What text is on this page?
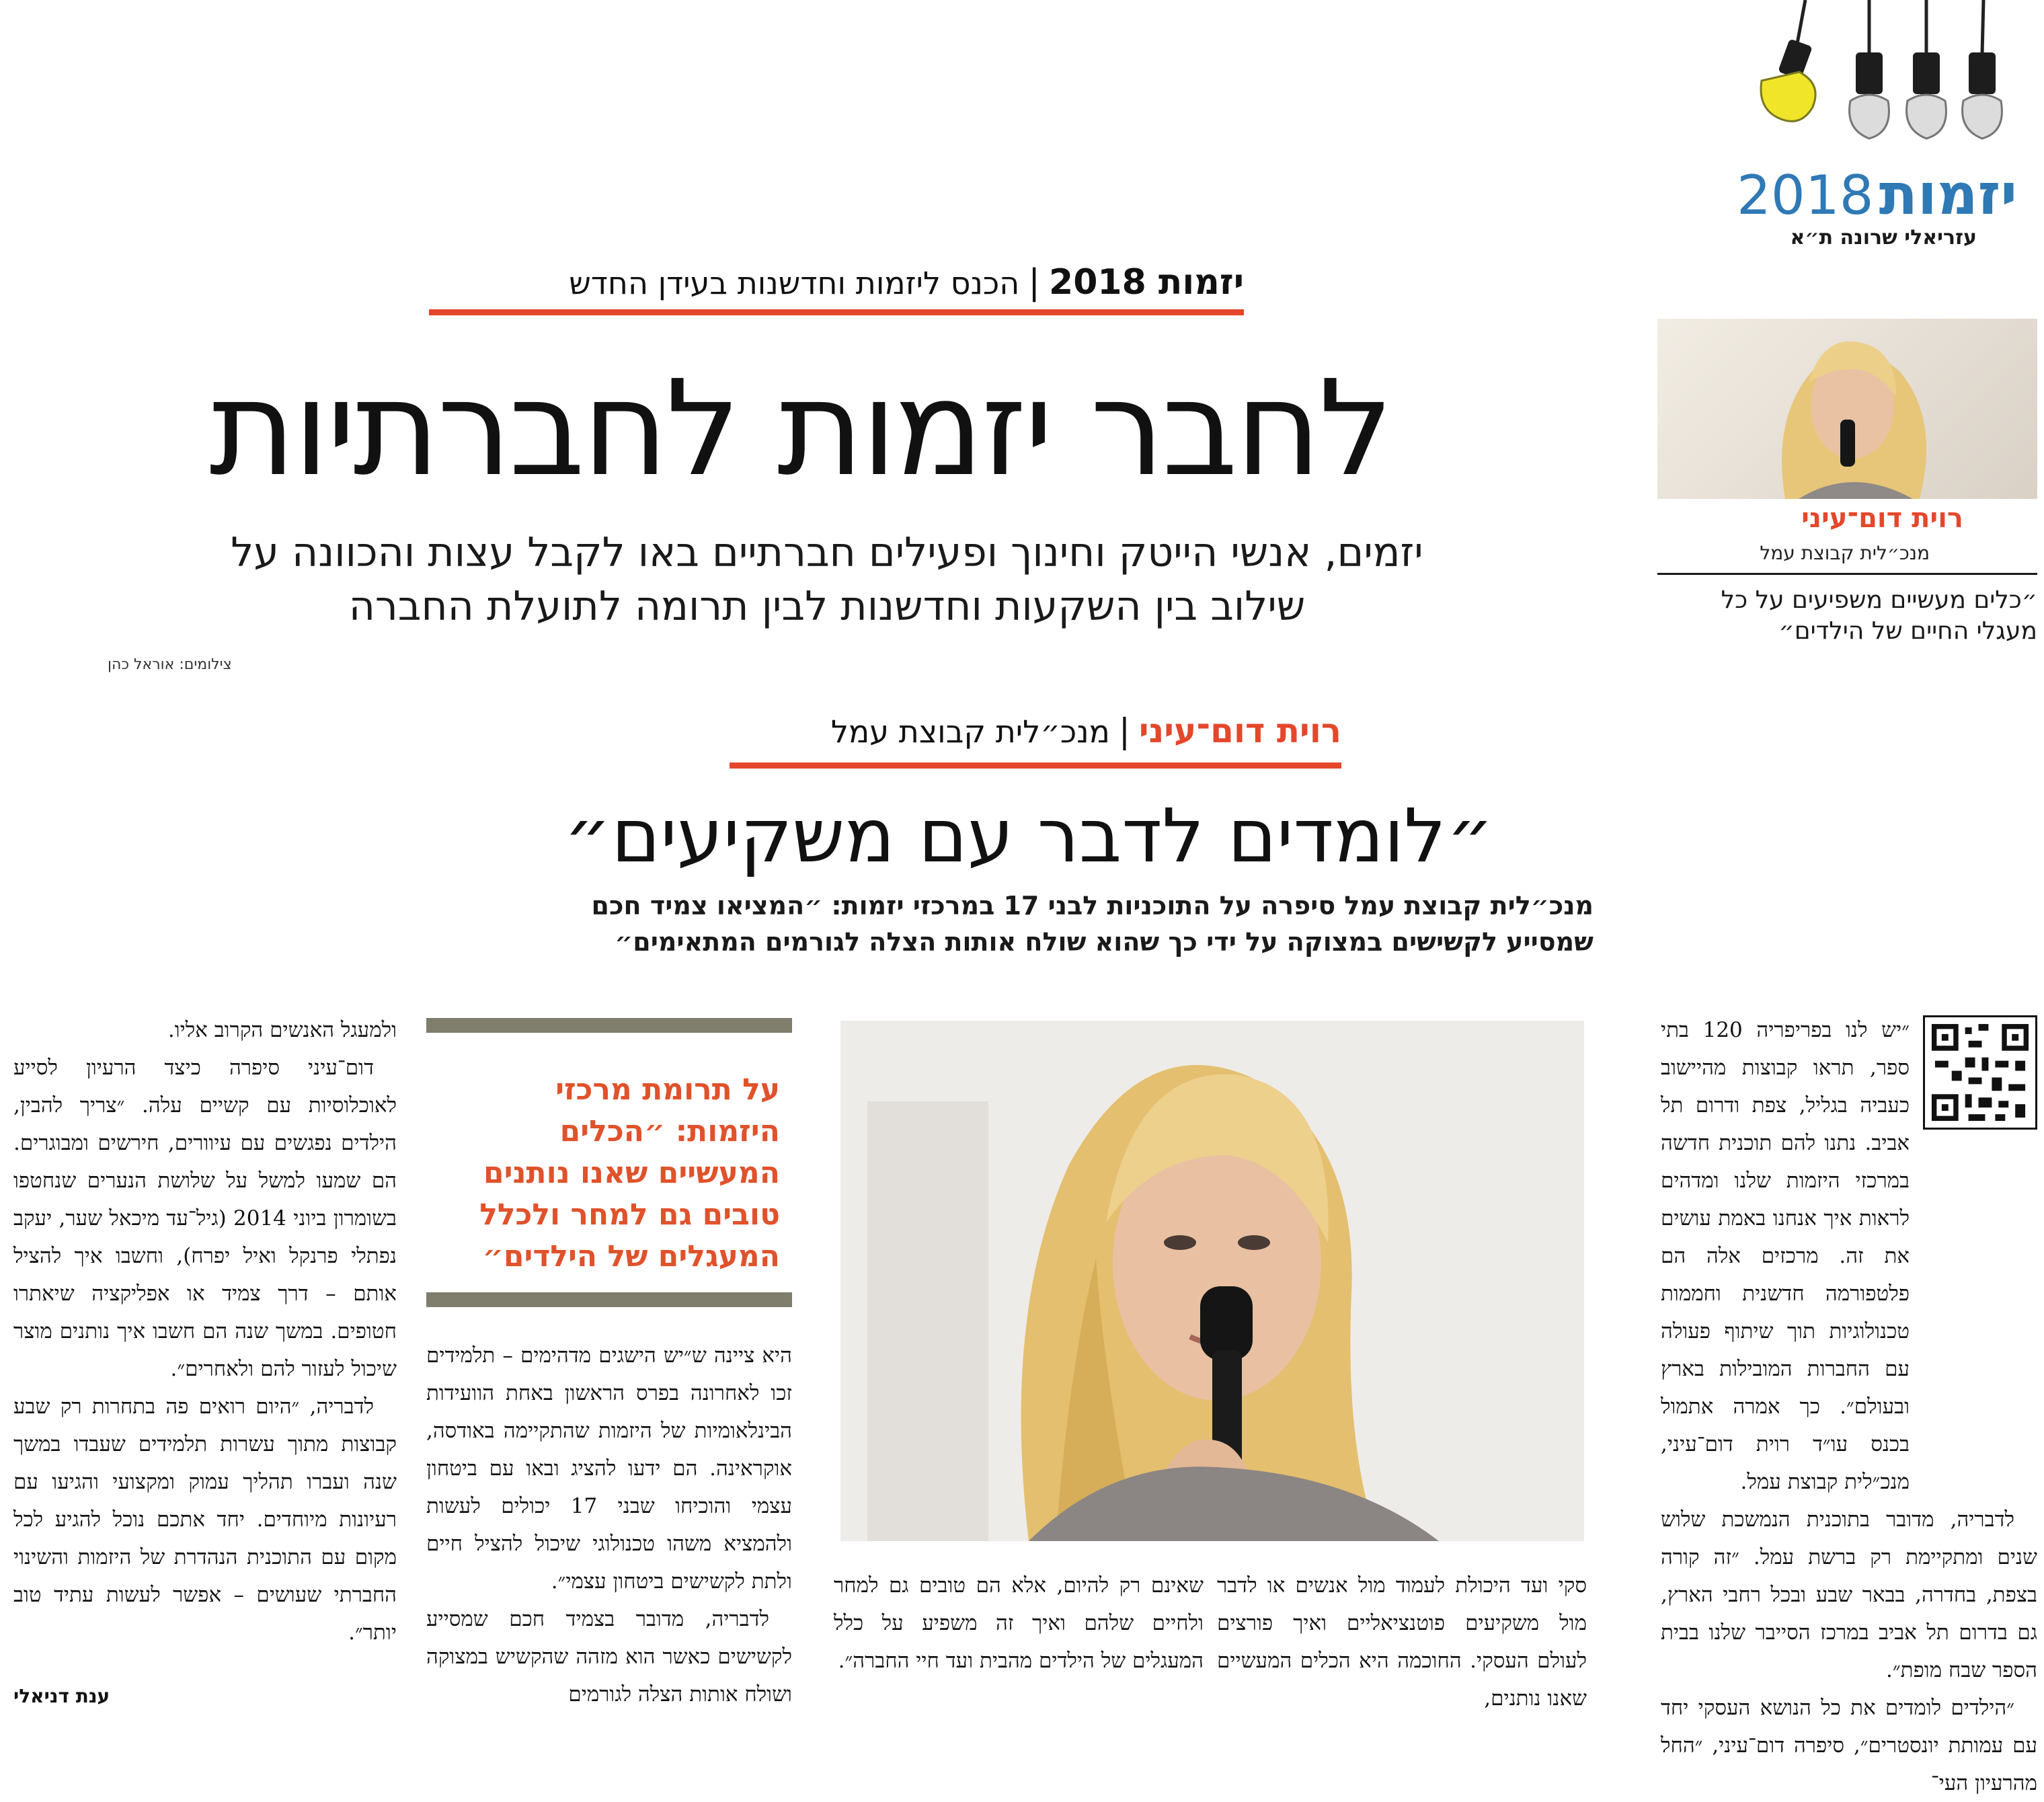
יזמות2018
עזריאלי שרונה ת״א
רוית דום־עיני
מנכ״לית קבוצת עמל
״כלים מעשיים משפיעים על כל מעגלי החיים של הילדים״
יזמות 2018 | הכנס ליזמות וחדשנות בעידן החדש
לחבר יזמות לחברתיות
יזמים, אנשי הייטק וחינוך ופעילים חברתיים באו לקבל עצות והכוונה על
שילוב בין השקעות וחדשנות לבין תרומה לתועלת החברה
צילומים: אוראל כהן
רוית דום־עיני | מנכ״לית קבוצת עמל
״לומדים לדבר עם משקיעים״
מנכ״לית קבוצת עמל סיפרה על התוכניות לבני 17 במרכזי יזמות: ״המציאו צמיד חכם
שמסייע לקשישים במצוקה על ידי כך שהוא שולח אותות הצלה לגורמים המתאימים״

״יש לנו בפריפריה 120 בתי ספר, תראו קבוצות מהיישוב כעביה בגליל, צפת ודרום תל אביב. נתנו להם תוכנית חדשה במרכזי היזמות שלנו ומדהים לראות איך אנחנו באמת עושים את זה. מרכזים אלה הם פלטפורמה חדשנית וחממות טכנולוגיות תוך שיתוף פעולה עם החברות המובילות בארץ ובעולם״. כך אמרה אתמול בכנס עו״ד רוית דום־עיני, מנכ״לית קבוצת עמל.

לדבריה, מדובר בתוכנית הנמשכת שלוש שנים ומתקיימת רק ברשת עמל. ״זה קורה בצפת, בחדרה, בבאר שבע ובכל רחבי הארץ, גם בדרום תל אביב במרכז הסייבר שלנו בבית הספר שבח מופת״.

״הילדים לומדים את כל הנושא העסקי יחד עם עמותת יונסטרים״, סיפרה דום־עיני, ״החל מהרעיון העי־

סקי ועד היכולת לעמוד מול אנשים או לדבר מול משקיעים פוטנציאליים ואיך פורצים לעולם העסקי. החוכמה היא הכלים המעשיים שאנו נותנים,

שאינם רק להיום, אלא הם טובים גם למחר ולחיים שלהם ואיך זה משפיע על כלל המעגלים של הילדים מהבית ועד חיי החברה״.

על תרומת מרכזי היזמות: ״הכלים המעשיים שאנו נותנים טובים גם למחר ולכלל המעגלים של הילדים״

היא ציינה ש״יש הישגים מדהימים – תלמידים זכו לאחרונה בפרס הראשון באחת הוועידות הבינלאומיות של היזמות שהתקיימה באודסה, אוקראינה. הם ידעו להציג ובאו עם ביטחון עצמי והוכיחו שבני 17 יכולים לעשות ולהמציא משהו טכנולוגי שיכול להציל חיים ולתת לקשישים ביטחון עצמי״.

לדבריה, מדובר בצמיד חכם שמסייע לקשישים כאשר הוא מזהה שהקשיש במצוקה ושולח אותות הצלה לגורמים

ולמעגל האנשים הקרוב אליו.

דום־עיני סיפרה כיצד הרעיון לסייע לאוכלוסיות עם קשיים עלה. ״צריך להבין, הילדים נפגשים עם עיוורים, חירשים ומבוגרים. הם שמעו למשל על שלושת הנערים שנחטפו בשומרון ביוני 2014 (גיל־עד מיכאל שער, יעקב נפתלי פרנקל ואיל יפרח), וחשבו איך להציל אותם – דרך צמיד או אפליקציה שיאתרו חטופים. במשך שנה הם חשבו איך נותנים מוצר שיכול לעזור להם ולאחרים״.

לדבריה, ״היום רואים פה בתחרות רק שבע קבוצות מתוך עשרות תלמידים שעבדו במשך שנה ועברו תהליך עמוק ומקצועי והגיעו עם רעיונות מיוחדים. יחד אתכם נוכל להגיע לכל מקום עם התוכנית הנהדרת של היזמות והשינוי החברתי שעושים – אפשר לעשות עתיד טוב יותר״.

ענת דניאלי
